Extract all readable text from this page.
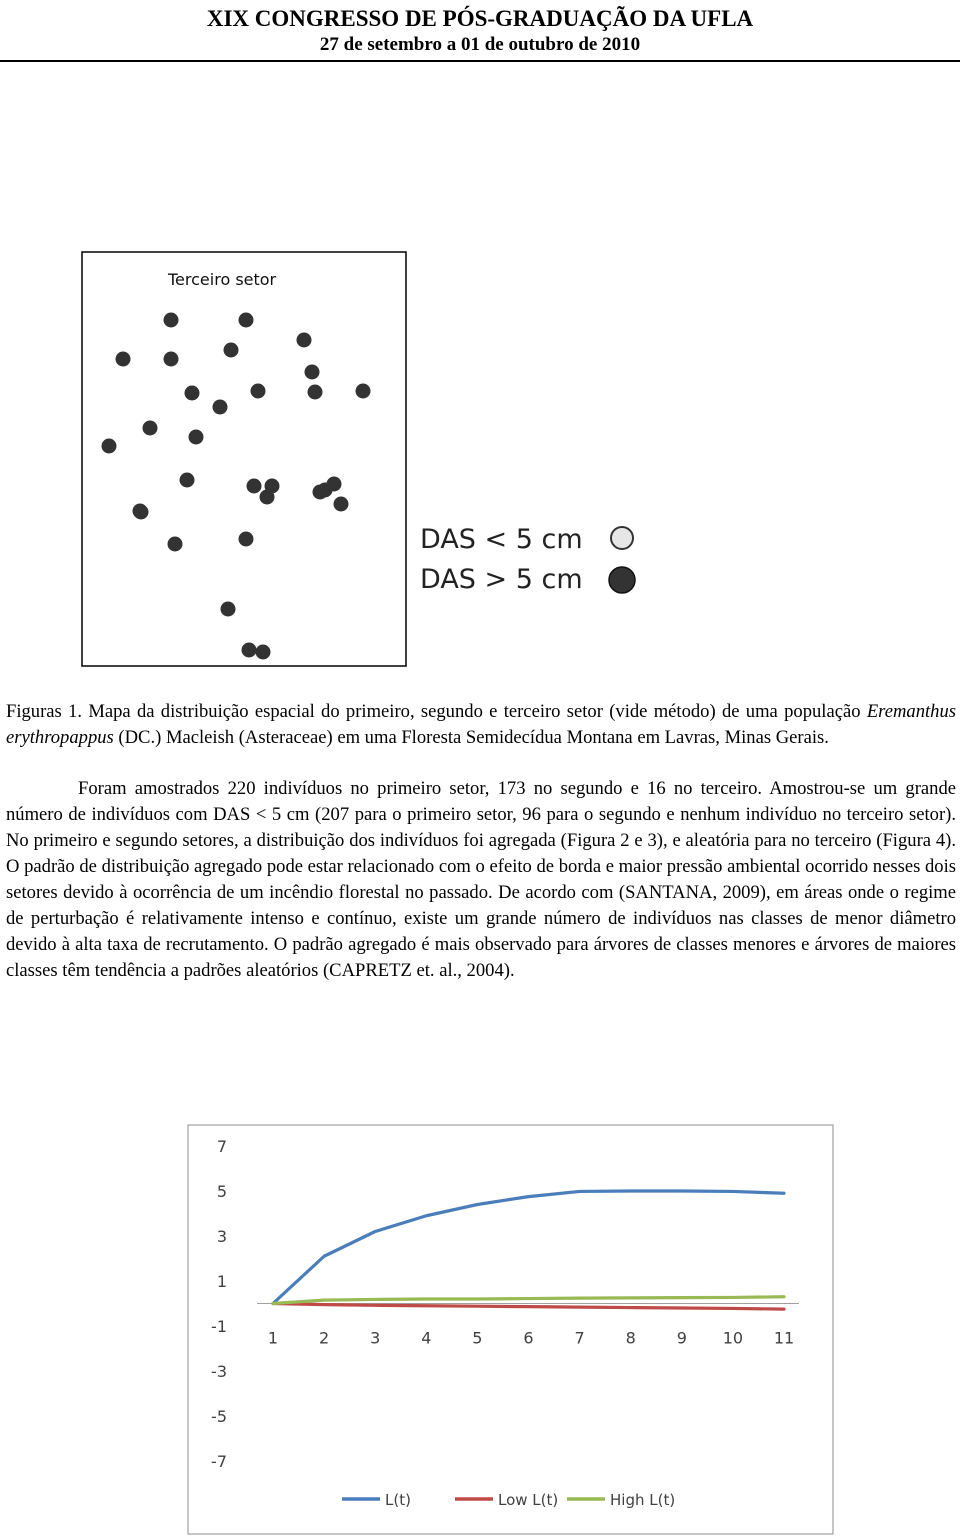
XIX CONGRESSO DE PÓS-GRADUAÇÃO DA UFLA
27 de setembro a 01 de outubro de 2010
Terceiro setor
DAS < 5 cm
DAS > 5 cm
Figuras 1. Mapa da distribuição espacial do primeiro, segundo e terceiro setor (vide método) de uma população Eremanthus erythropappus (DC.) Macleish (Asteraceae) em uma Floresta Semidecídua Montana em Lavras, Minas Gerais.

Foram amostrados 220 indivíduos no primeiro setor, 173 no segundo e 16 no terceiro. Amostrou-se um grande número de indivíduos com DAS < 5 cm (207 para o primeiro setor, 96 para o segundo e nenhum indivíduo no terceiro setor). No primeiro e segundo setores, a distribuição dos indivíduos foi agregada (Figura 2 e 3), e aleatória para no terceiro (Figura 4). O padrão de distribuição agregado pode estar relacionado com o efeito de borda e maior pressão ambiental ocorrido nesses dois setores devido à ocorrência de um incêndio florestal no passado. De acordo com (SANTANA, 2009), em áreas onde o regime de perturbação é relativamente intenso e contínuo, existe um grande número de indivíduos nas classes de menor diâmetro devido à alta taxa de recrutamento. O padrão agregado é mais observado para árvores de classes menores e árvores de maiores classes têm tendência a padrões aleatórios (CAPRETZ et. al., 2004).

7
5
3
1
-1
-3
-5
-7
1	2	3	4	5	6	7	8	9 10 11
L(t)	Low L(t)	High L(t)
